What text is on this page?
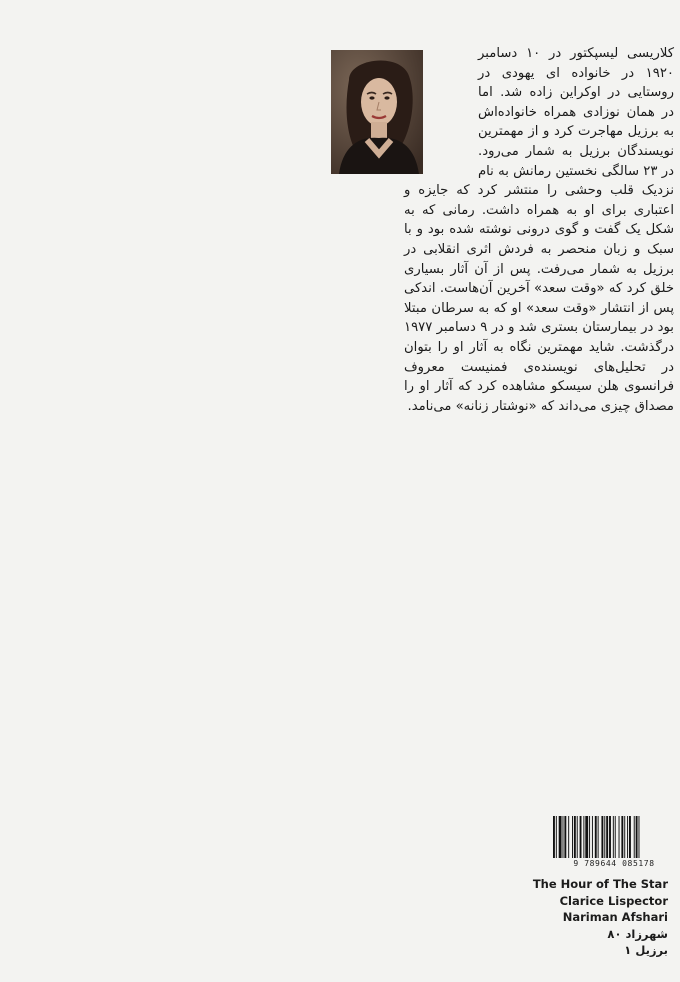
کلاریسی لیسپکتور در ۱۰ دسامبر ۱۹۲۰ در خانواده ای یهودی در روستایی در اوکراین زاده شد. اما در همان نوزادی همراه خانواده‌اش به برزیل مهاجرت کرد و از مهمترین نویسندگان برزیل به شمار می‌رود. در ۲۳ سالگی نخستین رمانش به نام نزدیک قلب وحشی را منتشر کرد که جایزه و اعتباری برای او به همراه داشت. رمانی که به شکل یک گفت و گوی درونی نوشته شده بود و با سبک و زبان منحصر به فردش اثری انقلابی در برزیل به شمار می‌رفت. پس از آن آثار بسیاری خلق کرد که «وقت سعد» آخرین آن‌هاست. اندکی پس از انتشار «وقت سعد» او که به سرطان مبتلا بود در بیمارستان بستری شد و در ۹ دسامبر ۱۹۷۷ درگذشت. شاید مهمترین نگاه به آثار او را بتوان در تحلیل‌های نویسنده‌ی فمنیست معروف فرانسوی هلن سیسکو مشاهده کرد که آثار او را مصداق چیزی می‌داند که «نوشتار زنانه» می‌نامد.

9 789644 085178
The Hour of The Star
Clarice Lispector
Nariman Afshari
شهرزاد ۸۰
برزیل ۱
